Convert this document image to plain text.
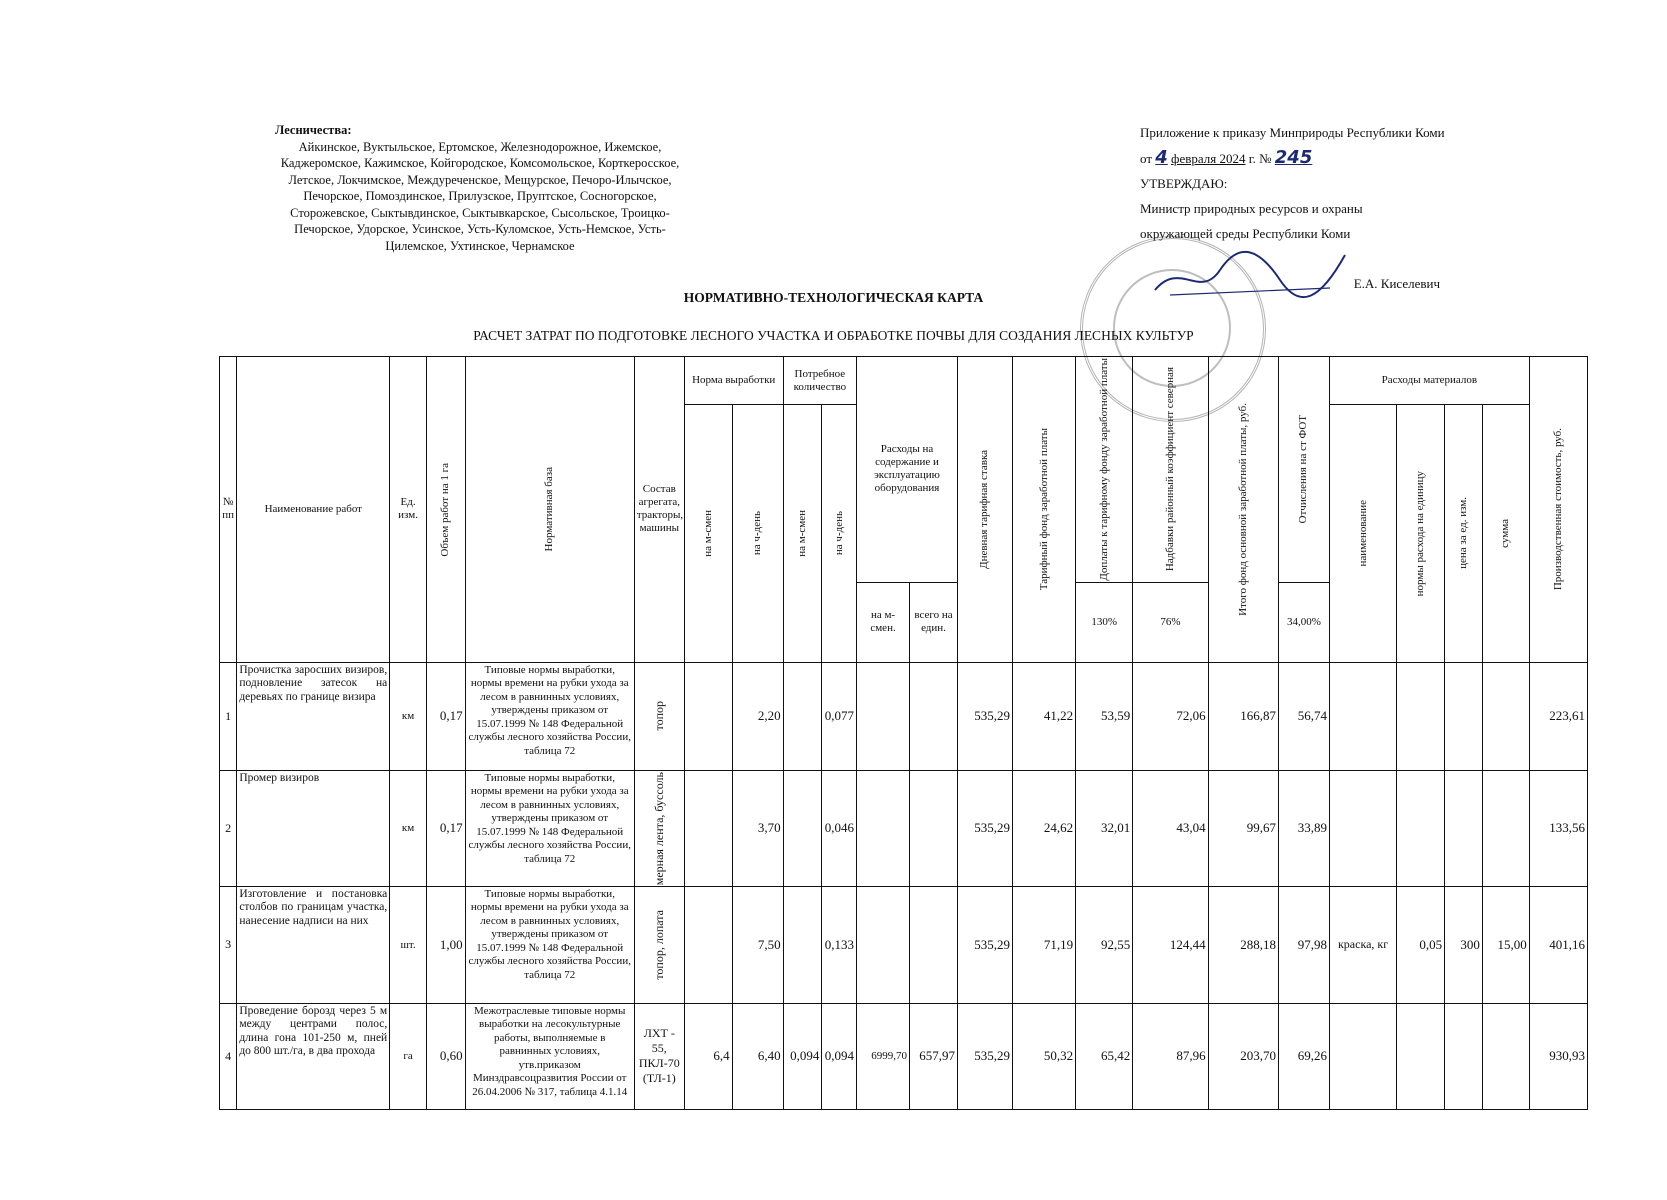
Лесничества:
Айкинское, Вуктыльское, Ертомское, Железнодорожное, Ижемское,
Каджеромское, Кажимское, Койгородское, Комсомольское, Корткеросское,
Летское, Локчимское, Междуреченское, Мещурское, Печоро-Илычское,
Печорское, Помоздинское, Прилузское, Пруптское, Сосногорское,
Сторожевское, Сыктывдинское, Сыктывкарское, Сысольское, Троицко-
Печорское, Удорское, Усинское, Усть-Куломское, Усть-Немское, Усть-
Цилемское, Ухтинское, Чернамское
Приложение к приказу Минприроды Республики Коми
от 4 февраля 2024 г. № 245
УТВЕРЖДАЮ:
Министр природных ресурсов и охраны
окружающей среды Республики Коми
Е.А. Киселевич
НОРМАТИВНО-ТЕХНОЛОГИЧЕСКАЯ КАРТА
РАСЧЕТ ЗАТРАТ ПО ПОДГОТОВКЕ ЛЕСНОГО УЧАСТКА И ОБРАБОТКЕ ПОЧВЫ ДЛЯ СОЗДАНИЯ ЛЕСНЫХ КУЛЬТУР
№ пп	Наименование работ	Ед. изм.	Объем работ на 1 га	Нормативная база	Состав агрегата, тракторы, машины	Норма выработки		Потребное количество		Расходы на содержание и эксплуатацию оборудования		Дневная тарифная ставка	Тарифный фонд заработной платы	Доплаты к тарифному фонду заработной платы	Надбавки районный коэффициент северная	Итого фонд основной заработной платы, руб.	Отчисления на ст ФОТ	Расходы материалов				Производственная стоимость, руб.

						на м-смен	на ч-день	на м-смен	на ч-день									наименование	нормы расхода на единицу	цена за ед. изм.	сумма	

										на м-смен.	всего на един.			130%	76%		34,00%					
1	Прочистка заросших визиров, подновление затесок на деревьях по границе визира	км	0,17	Типовые нормы выработки, нормы времени на рубки ухода за лесом в равнинных условиях, утверждены приказом от 15.07.1999 № 148 Федеральной службы лесного хозяйства России, таблица 72	топор		2,20		0,077			535,29	41,22	53,59	72,06	166,87	56,74					223,61
2	Промер визиров	км	0,17	Типовые нормы выработки, нормы времени на рубки ухода за лесом в равнинных условиях, утверждены приказом от 15.07.1999 № 148 Федеральной службы лесного хозяйства России, таблица 72	мерная лента, буссоль		3,70		0,046			535,29	24,62	32,01	43,04	99,67	33,89					133,56
3	Изготовление и постановка столбов по границам участка, нанесение надписи на них	шт.	1,00	Типовые нормы выработки, нормы времени на рубки ухода за лесом в равнинных условиях, утверждены приказом от 15.07.1999 № 148 Федеральной службы лесного хозяйства России, таблица 72	топор, лопата		7,50		0,133			535,29	71,19	92,55	124,44	288,18	97,98	краска, кг	0,05	300	15,00	401,16
4	Проведение борозд через 5 м между центрами полос, длина гона 101-250 м, пней до 800 шт./га, в два прохода	га	0,60	Межотраслевые типовые нормы выработки на лесокультурные работы, выполняемые в равнинных условиях, утв.приказом Минздравсоцразвития России от 26.04.2006 № 317, таблица 4.1.14	ЛХТ - 55, ПКЛ-70 (ТЛ-1)	6,4	6,40	0,094	0,094	6999,70	657,97	535,29	50,32	65,42	87,96	203,70	69,26					930,93
